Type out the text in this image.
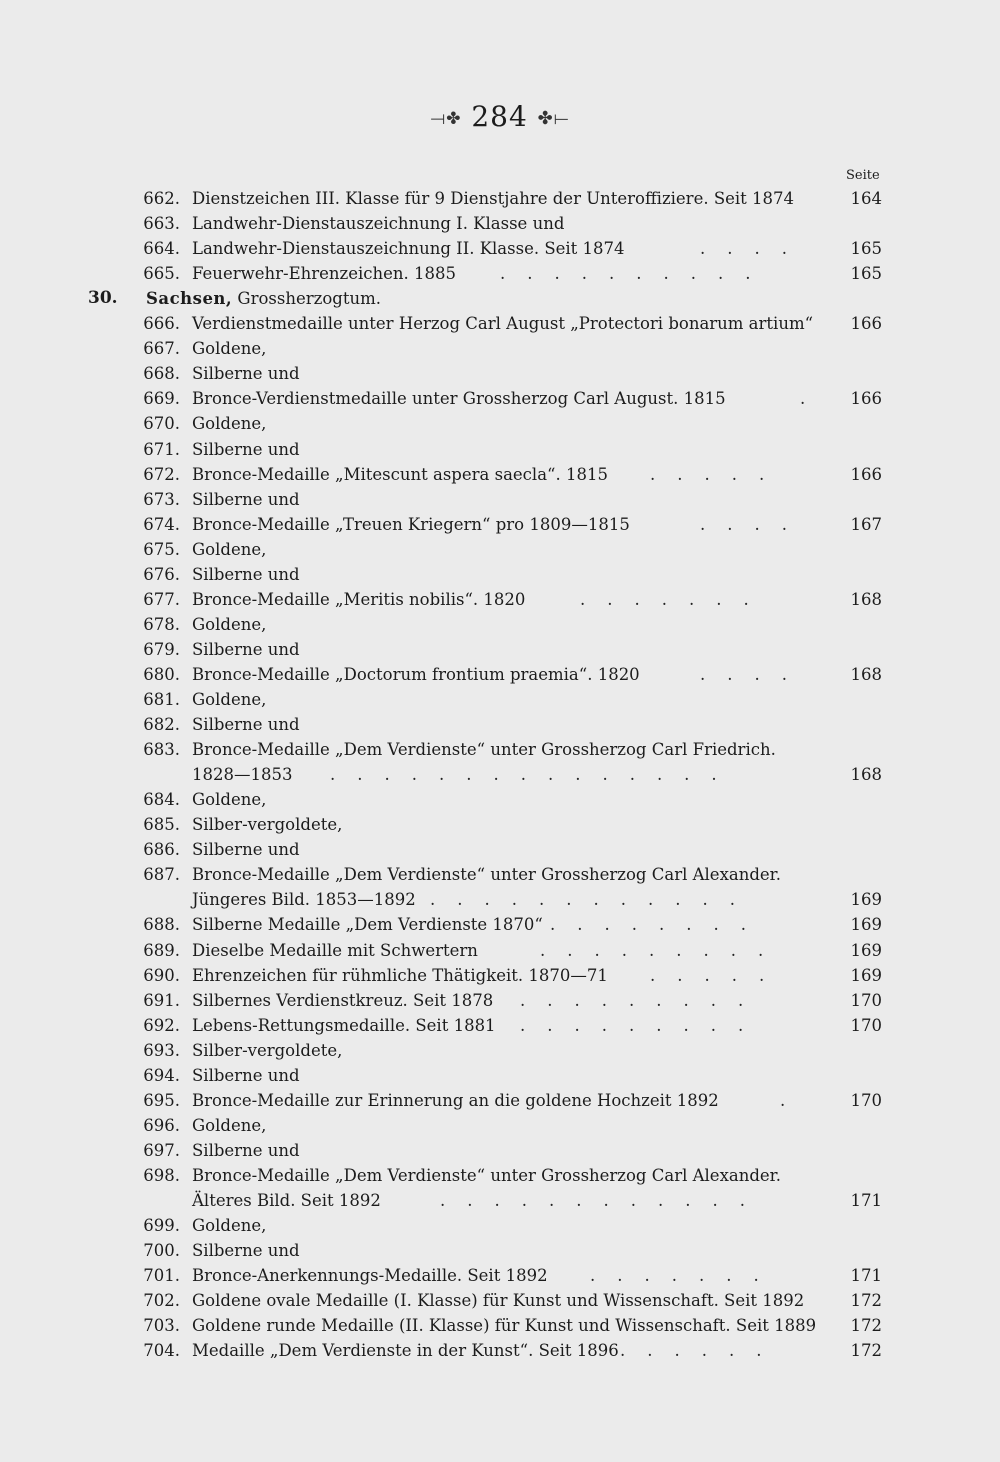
⟞✤ 284 ✤⟝
Seite
662. Dienstzeichen III. Klasse für 9 Dienstjahre der Unteroffiziere. Seit 1874	164
663. Landwehr-Dienstauszeichnung I. Klasse und
664. Landwehr-Dienstauszeichnung II. Klasse. Seit 1874	....	165
665. Feuerwehr-Ehrenzeichen. 1885	..........	165
30.	Sachsen, Grossherzogtum.
666. Verdienstmedaille unter Herzog Carl August „Protectori bonarum artium“	166
667. Goldene,
668. Silberne und
669. Bronce-Verdienstmedaille unter Grossherzog Carl August. 1815	.	166
670. Goldene,
671. Silberne und
672. Bronce-Medaille „Mitescunt aspera saecla“. 1815	.....	166
673. Silberne und
674. Bronce-Medaille „Treuen Kriegern“ pro 1809—1815	....	167
675. Goldene,
676. Silberne und
677. Bronce-Medaille „Meritis nobilis“. 1820	.......	168
678. Goldene,
679. Silberne und
680. Bronce-Medaille „Doctorum frontium praemia“. 1820	....	168
681. Goldene,
682. Silberne und
683. Bronce-Medaille „Dem Verdienste“ unter Grossherzog Carl Friedrich.
1828—1853 ...............	168
684. Goldene,
685. Silber-vergoldete,
686. Silberne und
687. Bronce-Medaille „Dem Verdienste“ unter Grossherzog Carl Alexander.
Jüngeres Bild. 1853—1892 ............	169
688. Silberne Medaille „Dem Verdienste 1870“ ........	169
689. Dieselbe Medaille mit Schwertern	.........	169
690. Ehrenzeichen für rühmliche Thätigkeit. 1870—71	.....	169
691. Silbernes Verdienstkreuz. Seit 1878 .........	170
692. Lebens-Rettungsmedaille. Seit 1881 .........	170
693. Silber-vergoldete,
694. Silberne und
695. Bronce-Medaille zur Erinnerung an die goldene Hochzeit 1892	.	170
696. Goldene,
697. Silberne und
698. Bronce-Medaille „Dem Verdienste“ unter Grossherzog Carl Alexander.
Älteres Bild. Seit 1892	............	171
699. Goldene,
700. Silberne und
701. Bronce-Anerkennungs-Medaille. Seit 1892	.......	171
702. Goldene ovale Medaille (I. Klasse) für Kunst und Wissenschaft. Seit 1892	172
703. Goldene runde Medaille (II. Klasse) für Kunst und Wissenschaft. Seit 1889	172
704. Medaille „Dem Verdienste in der Kunst“. Seit 1896 ......	172
